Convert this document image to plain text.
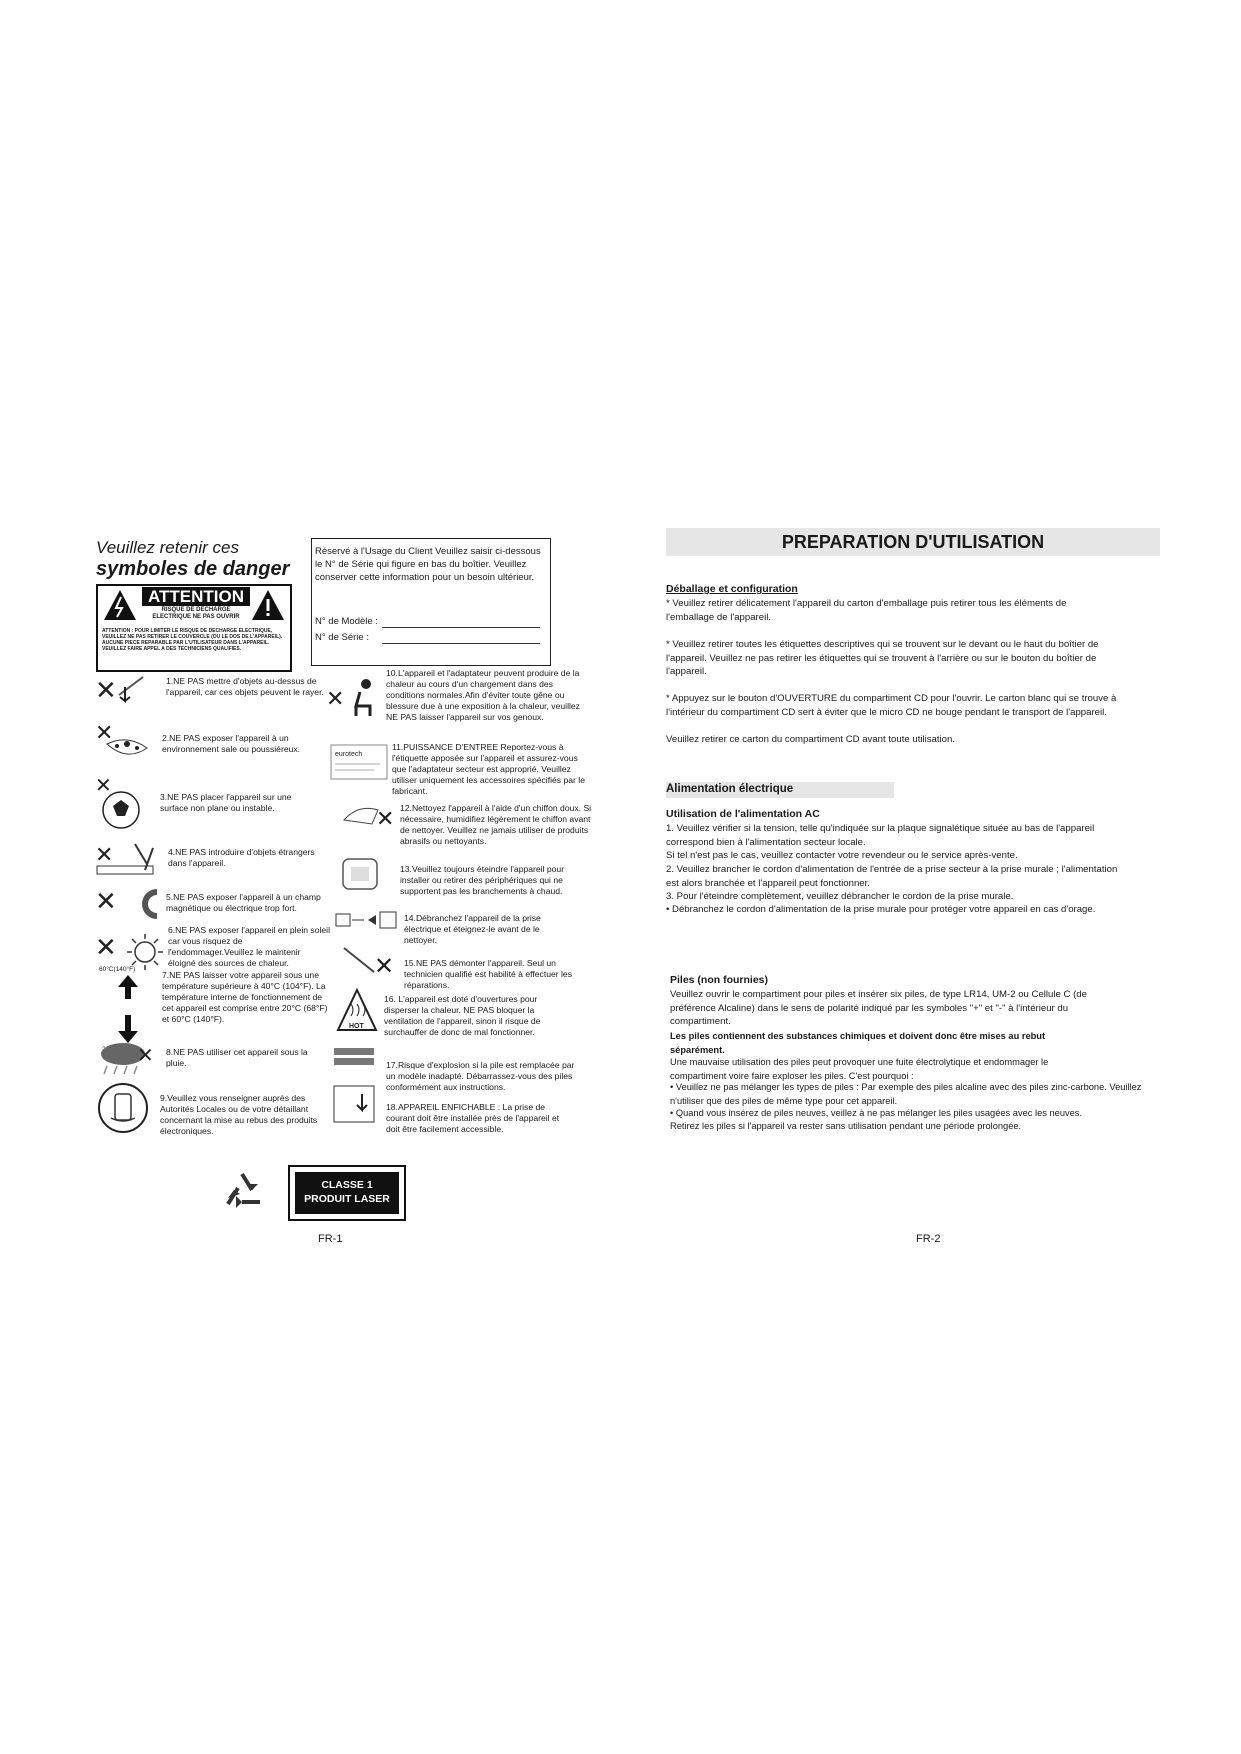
Veuillez retenir ces
symboles de danger
ATTENTION
RISQUE DE DECHARGE ELECTRIQUE NE PAS OUVRIR
ATTENTION : POUR LIMITER LE RISQUE DE DECHARGE ELECTRIQUE, VEUILLEZ NE PAS RETIRER LE COUVERCLE (OU LE DOS DE L'APPAREIL). AUCUNE PIECE REPARABLE PAR L'UTILISATEUR DANS L'APPAREIL. VEUILLEZ FAIRE APPEL A DES TECHNICIENS QUALIFIES.

Réservé à l'Usage du Client Veuillez saisir ci-dessous le N° de Série qui figure en bas du boîtier. Veuillez conserver cette information pour un besoin ultérieur.

N° de Modèle :
N° de Série :
✕
✕
✕
✕
✕
✕
60°C(140°F)
✕
1.NE PAS mettre d'objets au-dessus de l'appareil, car ces objets peuvent le rayer.
2.NE PAS exposer l'appareil à un environnement sale ou poussiéreux.
3.NE PAS placer l'appareil sur une surface non plane ou instable.
4.NE PAS introduire d'objets étrangers dans l'appareil.
5.NE PAS exposer l'appareil à un champ magnétique ou électrique trop fort.
6.NE PAS exposer l'appareil en plein soleil car vous risquez de l'endommager.Veuillez le maintenir éloigné des sources de chaleur.
7.NE PAS laisser votre appareil sous une température supérieure à 40°C (104°F). La température interne de fonctionnement de cet appareil est comprise entre 20°C (68°F) et 60°C (140°F).
8.NE PAS utiliser cet appareil sous la pluie.
9.Veuillez vous renseigner auprès des Autorités Locales ou de votre détaillant concernant la mise au rebus des produits électroniques.
✕
eurotech
✕
✕
HOT
10.L'appareil et l'adaptateur peuvent produire de la chaleur au cours d'un chargement dans des conditions normales.Afin d'éviter toute gêne ou blessure due à une exposition à la chaleur, veuillez NE PAS laisser l'appareil sur vos genoux.
11.PUISSANCE D'ENTREE Reportez-vous à l'étiquette apposée sur l'appareil et assurez-vous que l'adaptateur secteur est approprié. Veuillez utiliser uniquement les accessoires spécifiés par le fabricant.
12.Nettoyez l'appareil à l'aide d'un chiffon doux. Si nécessaire, humidifiez légèrement le chiffon avant de nettoyer. Veuillez ne jamais utiliser de produits abrasifs ou nettoyants.
13.Veuillez toujours éteindre l'appareil pour installer ou retirer des périphériques qui ne supportent pas les branchements à chaud.
14.Débranchez l'appareil de la prise électrique et éteignez-le avant de le nettoyer.
15.NE PAS démonter l'appareil. Seul un technicien qualifié est habilité à effectuer les réparations.
16. L'appareil est doté d'ouvertures pour disperser la chaleur. NE PAS bloquer la ventilation de l'appareil, sinon il risque de surchauffer de donc de mal fonctionner.
17.Risque d'explosion si la pile est remplacée par un modèle inadapté. Débarrassez-vous des piles conformément aux instructions.
18.APPAREIL ENFICHABLE : La prise de courant doit être installée près de l'appareil et doit être facilement accessible.
CLASSE 1
PRODUIT LASER
FR-1
PREPARATION D'UTILISATION
Déballage et configuration
* Veuillez retirer délicatement l'appareil du carton d'emballage puis retirer tous les éléments de l'emballage de l'appareil.
* Veuillez retirer toutes les étiquettes descriptives qui se trouvent sur le devant ou le haut du boîtier de l'appareil. Veuillez ne pas retirer les étiquettes qui se trouvent à l'arrière ou sur le bouton du boîtier de l'appareil.
* Appuyez sur le bouton d'OUVERTURE du compartiment CD pour l'ouvrir. Le carton blanc qui se trouve à l'intérieur du compartiment CD sert à éviter que le micro CD ne bouge pendant le transport de l'appareil.
Veuillez retirer ce carton du compartiment CD avant toute utilisation.
Alimentation électrique
Utilisation de l'alimentation AC
1. Veuillez vérifier si la tension, telle qu'indiquée sur la plaque signalétique située au bas de l'appareil correspond bien à l'alimentation secteur locale.
Si tel n'est pas le cas, veuillez contacter votre revendeur ou le service après-vente.
2. Veuillez brancher le cordon d'alimentation de l'entrée de a prise secteur à la prise murale ; l'alimentation est alors branchée et l'appareil peut fonctionner.
3. Pour l'éteindre complètement, veuillez débrancher le cordon de la prise murale.
• Débranchez le cordon d'alimentation de la prise murale pour protéger votre appareil en cas d'orage.
Piles (non fournies)
Veuillez ouvrir le compartiment pour piles et insérer six piles, de type LR14, UM-2 ou Cellule C (de préférence Alcaline) dans le sens de polarité indiqué par les symboles "+" et "-" à l'intérieur du compartiment.
Les piles contiennent des substances chimiques et doivent donc être mises au rebut séparément.
Une mauvaise utilisation des piles peut provoquer une fuite électrolytique et endommager le compartiment voire faire exploser les piles. C'est pourquoi :
• Veuillez ne pas mélanger les types de piles : Par exemple des piles alcaline avec des piles zinc-carbone. Veuillez n'utiliser que des piles de même type pour cet appareil.
• Quand vous insérez de piles neuves, veillez à ne pas mélanger les piles usagées avec les neuves.
Retirez les piles si l'appareil va rester sans utilisation pendant une période prolongée.
FR-2
